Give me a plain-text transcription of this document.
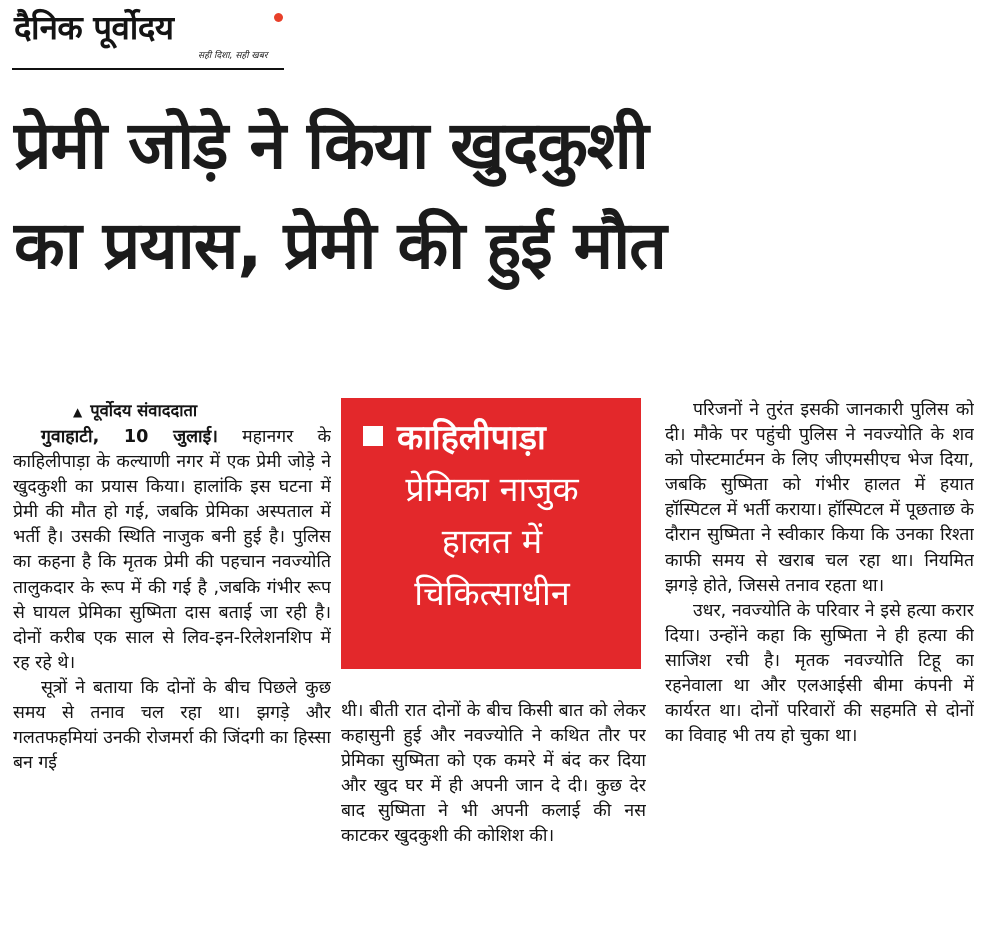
दैनिक पूर्वोदय
सही दिशा, सही खबर
प्रेमी जोड़े ने किया खुदकुशी
का प्रयास, प्रेमी की हुई मौत
▲ पूर्वोदय संवाददाता

गुवाहाटी, 10 जुलाई। महानगर के काहिलीपाड़ा के कल्याणी नगर में एक प्रेमी जोड़े ने खुदकुशी का प्रयास किया। हालांकि इस घटना में प्रेमी की मौत हो गई, जबकि प्रेमिका अस्पताल में भर्ती है। उसकी स्थिति नाजुक बनी हुई है। पुलिस का कहना है कि मृतक प्रेमी की पहचान नवज्योति तालुकदार के रूप में की गई है ,जबकि गंभीर रूप से घायल प्रेमिका सुष्मिता दास बताई जा रही है। दोनों करीब एक साल से लिव-इन-रिलेशनशिप में रह रहे थे।

सूत्रों ने बताया कि दोनों के बीच पिछले कुछ समय से तनाव चल रहा था। झगड़े और गलतफहमियां उनकी रोजमर्रा की जिंदगी का हिस्सा बन गई

काहिलीपाड़ा
प्रेमिका नाजुक
हालत में
चिकित्साधीन

थी। बीती रात दोनों के बीच किसी बात को लेकर कहासुनी हुई और नवज्योति ने कथित तौर पर प्रेमिका सुष्मिता को एक कमरे में बंद कर दिया और खुद घर में ही अपनी जान दे दी। कुछ देर बाद सुष्मिता ने भी अपनी कलाई की नस काटकर खुदकुशी की कोशिश की।

परिजनों ने तुरंत इसकी जानकारी पुलिस को दी। मौके पर पहुंची पुलिस ने नवज्योति के शव को पोस्टमार्टमन के लिए जीएमसीएच भेज दिया, जबकि सुष्मिता को गंभीर हालत में हयात हॉस्पिटल में भर्ती कराया। हॉस्पिटल में पूछताछ के दौरान सुष्मिता ने स्वीकार किया कि उनका रिश्ता काफी समय से खराब चल रहा था। नियमित झगड़े होते, जिससे तनाव रहता था।

उधर, नवज्योति के परिवार ने इसे हत्या करार दिया। उन्होंने कहा कि सुष्मिता ने ही हत्या की साजिश रची है। मृतक नवज्योति टिहू का रहनेवाला था और एलआईसी बीमा कंपनी में कार्यरत था। दोनों परिवारों की सहमति से दोनों का विवाह भी तय हो चुका था।
